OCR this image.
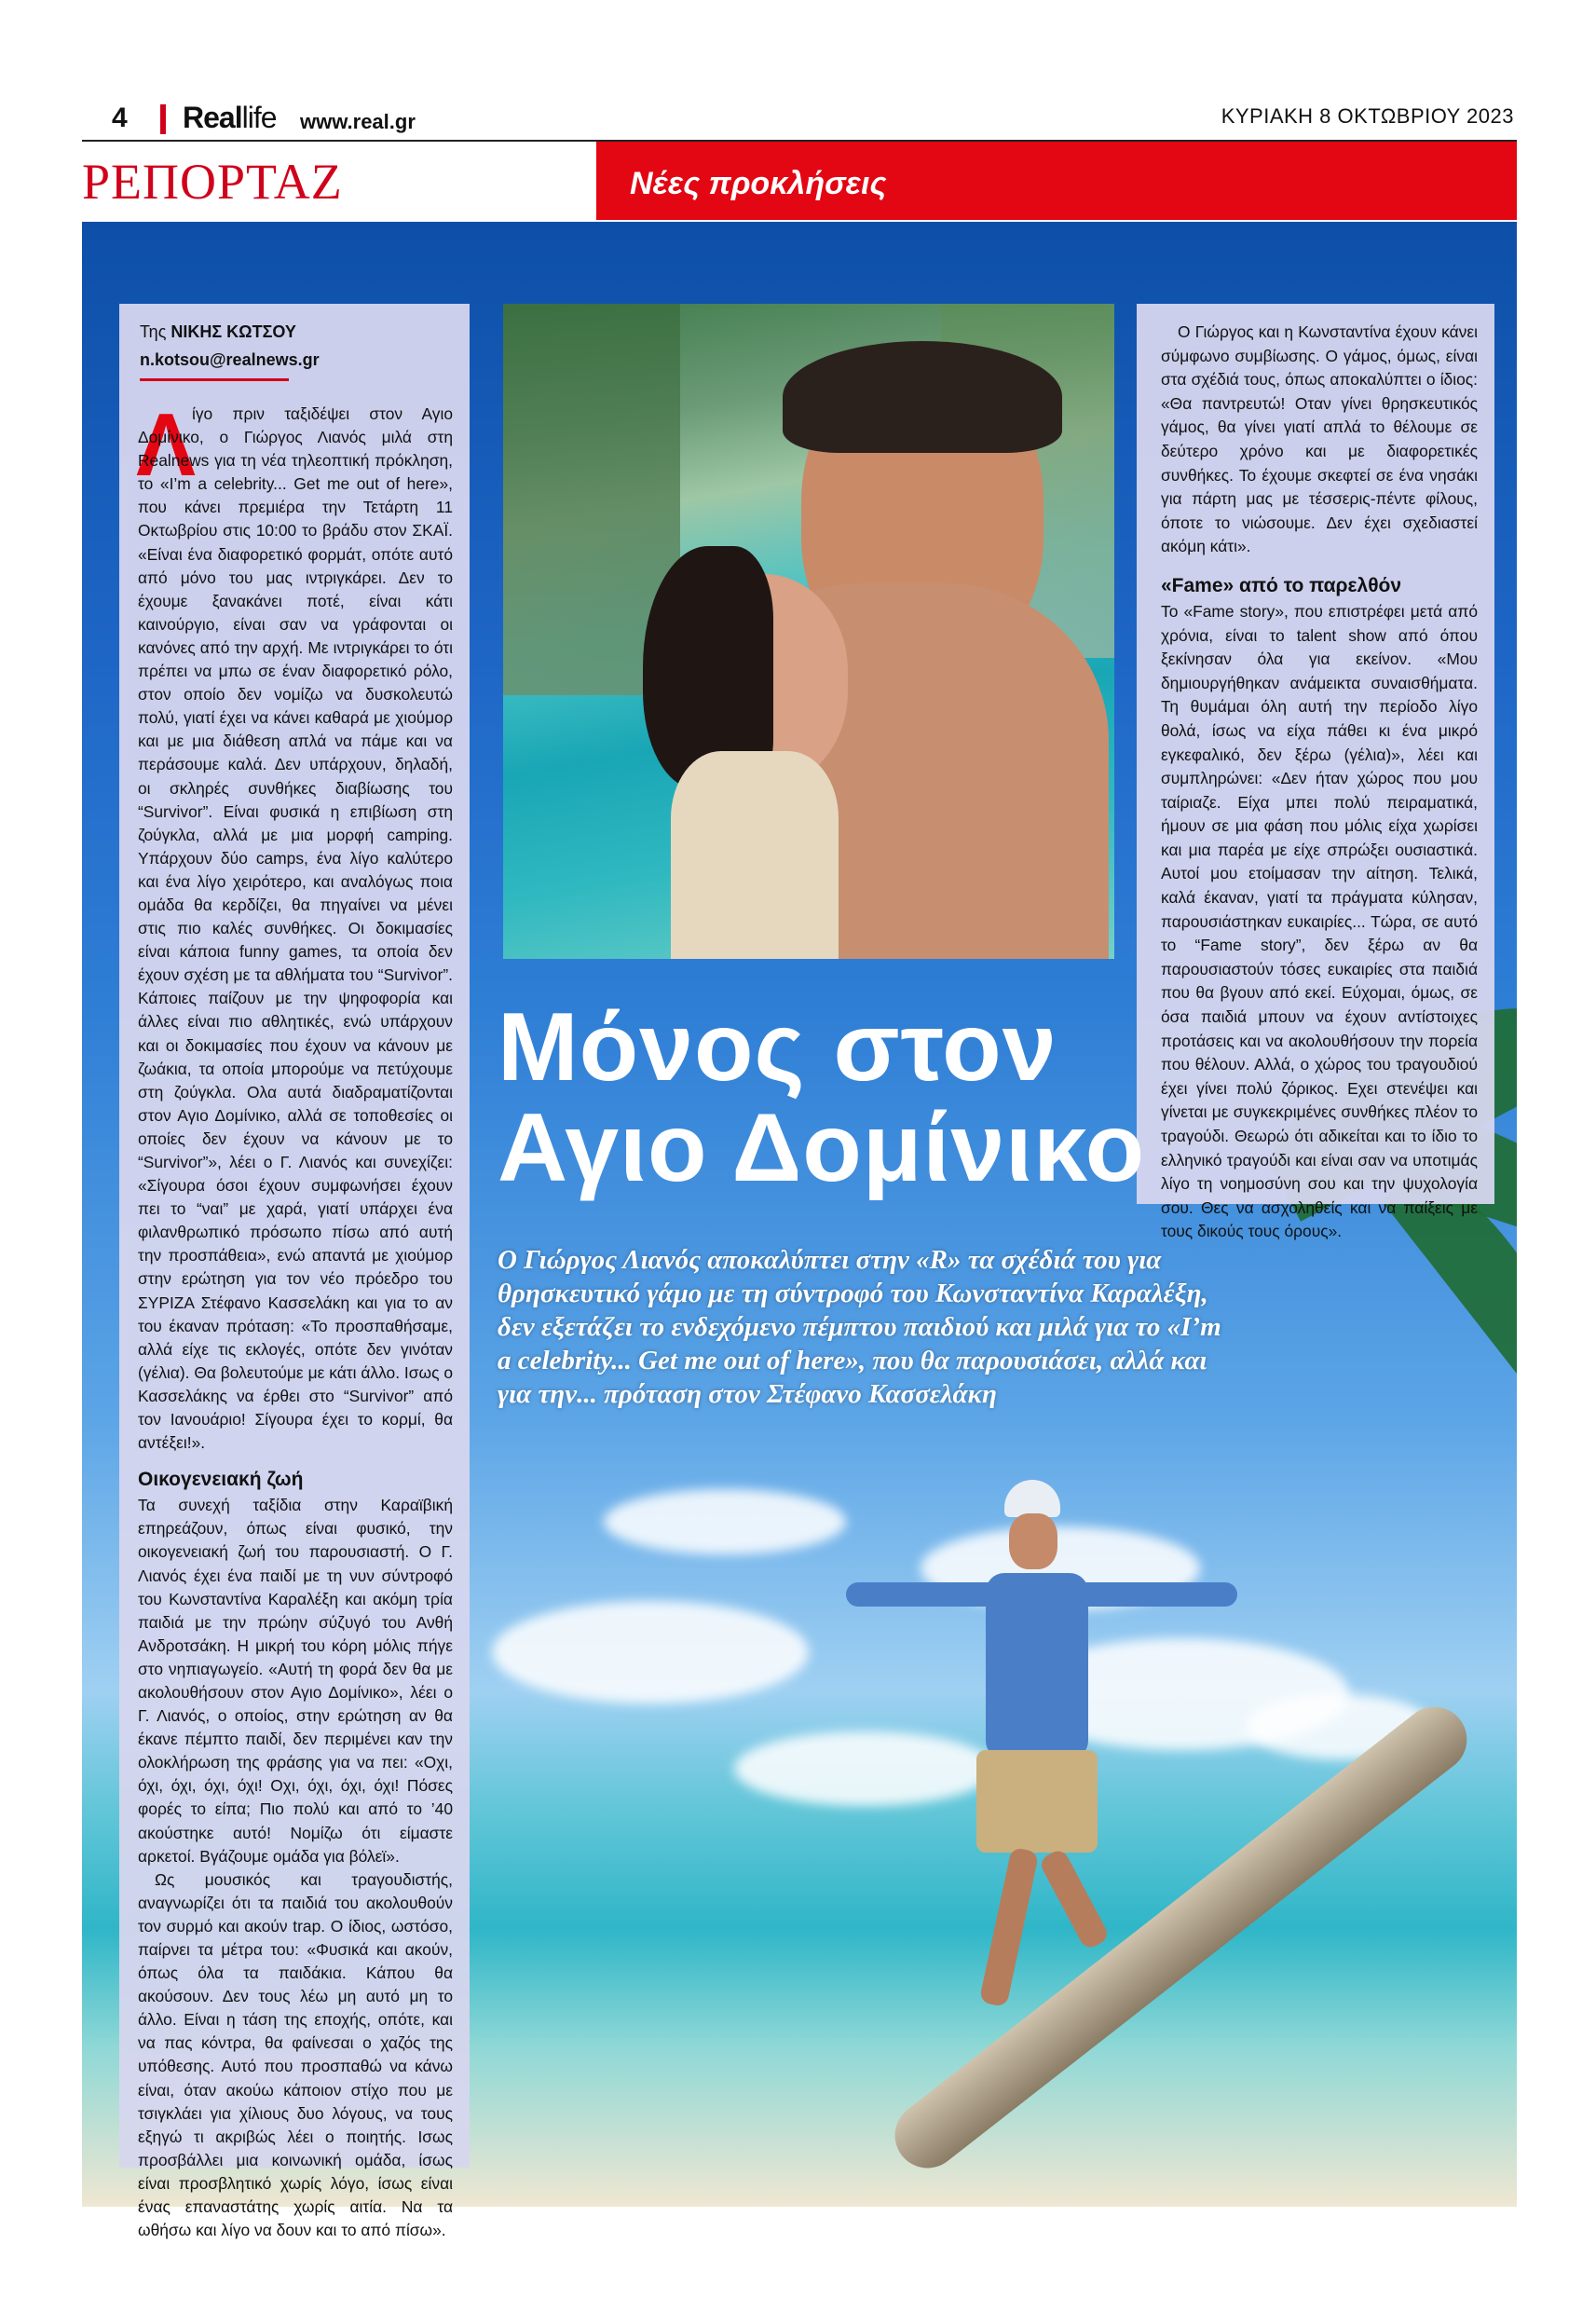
4 Reallife www.real.gr	ΚΥΡΙΑΚΗ 8 ΟΚΤΩΒΡΙΟΥ 2023
ΡΕΠΟΡΤΑΖ	Νέες προκλήσεις
Της ΝΙΚΗΣ ΚΩΤΣΟΥ
n.kotsou@realnews.gr
Λ

ίγο πριν ταξιδέψει στον Αγιο Δομίνικο, ο Γιώργος Λιανός μιλά στη Realnews για τη νέα τηλεοπτική πρόκληση, το «I’m a celebrity... Get me out of here», που κάνει πρεμιέρα την Τετάρτη 11 Οκτωβρίου στις 10:00 το βράδυ στον ΣΚΑΪ. «Είναι ένα διαφορετικό φορμάτ, οπότε αυτό από μόνο του μας ιντριγκάρει. Δεν το έχουμε ξανακάνει ποτέ, είναι κάτι καινούργιο, είναι σαν να γράφονται οι κανόνες από την αρχή. Με ιντριγκάρει το ότι πρέπει να μπω σε έναν διαφορετικό ρόλο, στον οποίο δεν νομίζω να δυσκολευτώ πολύ, γιατί έχει να κάνει καθαρά με χιούμορ και με μια διάθεση απλά να πάμε και να περάσουμε καλά. Δεν υπάρχουν, δηλαδή, οι σκληρές συνθήκες διαβίωσης του “Survivor”. Είναι φυσικά η επιβίωση στη ζούγκλα, αλλά με μια μορφή camping. Υπάρχουν δύο camps, ένα λίγο καλύτερο και ένα λίγο χειρότερο, και αναλόγως ποια ομάδα θα κερδίζει, θα πηγαίνει να μένει στις πιο καλές συνθήκες. Οι δοκιμασίες είναι κάποια funny games, τα οποία δεν έχουν σχέση με τα αθλήματα του “Survivor”. Κάποιες παίζουν με την ψηφοφορία και άλλες είναι πιο αθλητικές, ενώ υπάρχουν και οι δοκιμασίες που έχουν να κάνουν με ζωάκια, τα οποία μπορούμε να πετύχουμε στη ζούγκλα. Ολα αυτά διαδραματίζονται στον Αγιο Δομίνικο, αλλά σε τοποθεσίες οι οποίες δεν έχουν να κάνουν με το “Survivor”», λέει ο Γ. Λιανός και συνεχίζει: «Σίγουρα όσοι έχουν συμφωνήσει έχουν πει το “ναι” με χαρά, γιατί υπάρχει ένα φιλανθρωπικό πρόσωπο πίσω από αυτή την προσπάθεια», ενώ απαντά με χιούμορ στην ερώτηση για τον νέο πρόεδρο του ΣΥΡΙΖΑ Στέφανο Κασσελάκη και για το αν του έκαναν πρόταση: «Το προσπαθήσαμε, αλλά είχε τις εκλογές, οπότε δεν γινόταν (γέλια). Θα βολευτούμε με κάτι άλλο. Ισως ο Κασσελάκης να έρθει στο “Survivor” από τον Ιανουάριο! Σίγουρα έχει το κορμί, θα αντέξει!».

Οικογενειακή ζωή

Τα συνεχή ταξίδια στην Καραϊβική επηρεάζουν, όπως είναι φυσικό, την οικογενειακή ζωή του παρουσιαστή. Ο Γ. Λιανός έχει ένα παιδί με τη νυν σύντροφό του Κωνσταντίνα Καραλέξη και ακόμη τρία παιδιά με την πρώην σύζυγό του Ανθή Ανδροτσάκη. Η μικρή του κόρη μόλις πήγε στο νηπιαγωγείο. «Αυτή τη φορά δεν θα με ακολουθήσουν στον Αγιο Δομίνικο», λέει ο Γ. Λιανός, ο οποίος, στην ερώτηση αν θα έκανε πέμπτο παιδί, δεν περιμένει καν την ολοκλήρωση της φράσης για να πει: «Οχι, όχι, όχι, όχι, όχι! Οχι, όχι, όχι, όχι! Πόσες φορές το είπα; Πιο πολύ και από το ’40 ακούστηκε αυτό! Νομίζω ότι είμαστε αρκετοί. Βγάζουμε ομάδα για βόλεϊ».

Ως μουσικός και τραγουδιστής, αναγνωρίζει ότι τα παιδιά του ακολουθούν τον συρμό και ακούν trap. Ο ίδιος, ωστόσο, παίρνει τα μέτρα του: «Φυσικά και ακούν, όπως όλα τα παιδάκια. Κάπου θα ακούσουν. Δεν τους λέω μη αυτό μη το άλλο. Είναι η τάση της εποχής, οπότε, και να πας κόντρα, θα φαίνεσαι ο χαζός της υπόθεσης. Αυτό που προσπαθώ να κάνω είναι, όταν ακούω κάποιον στίχο που με τσιγκλάει για χίλιους δυο λόγους, να τους εξηγώ τι ακριβώς λέει ο ποιητής. Ισως προσβάλλει μια κοινωνική ομάδα, ίσως είναι προσβλητικό χωρίς λόγο, ίσως είναι ένας επαναστάτης χωρίς αιτία. Να τα ωθήσω και λίγο να δουν και το από πίσω».

Ο Γιώργος και η Κωνσταντίνα έχουν κάνει σύμφωνο συμβίωσης. Ο γάμος, όμως, είναι στα σχέδιά τους, όπως αποκαλύπτει ο ίδιος: «Θα παντρευτώ! Οταν γίνει θρησκευτικός γάμος, θα γίνει γιατί απλά το θέλουμε σε δεύτερο χρόνο και με διαφορετικές συνθήκες. Το έχουμε σκεφτεί σε ένα νησάκι για πάρτη μας με τέσσερις-πέντε φίλους, όποτε το νιώσουμε. Δεν έχει σχεδιαστεί ακόμη κάτι».

«Fame» από το παρελθόν

Το «Fame story», που επιστρέφει μετά από χρόνια, είναι το talent show από όπου ξεκίνησαν όλα για εκείνον. «Μου δημιουργήθηκαν ανάμεικτα συναισθήματα. Τη θυμάμαι όλη αυτή την περίοδο λίγο θολά, ίσως να είχα πάθει κι ένα μικρό εγκεφαλικό, δεν ξέρω (γέλια)», λέει και συμπληρώνει: «Δεν ήταν χώρος που μου ταίριαζε. Είχα μπει πολύ πειραματικά, ήμουν σε μια φάση που μόλις είχα χωρίσει και μια παρέα με είχε σπρώξει ουσιαστικά. Αυτοί μου ετοίμασαν την αίτηση. Τελικά, καλά έκαναν, γιατί τα πράγματα κύλησαν, παρουσιάστηκαν ευκαιρίες... Τώρα, σε αυτό το “Fame story”, δεν ξέρω αν θα παρουσιαστούν τόσες ευκαιρίες στα παιδιά που θα βγουν από εκεί. Εύχομαι, όμως, σε όσα παιδιά μπουν να έχουν αντίστοιχες προτάσεις και να ακολουθήσουν την πορεία που θέλουν. Αλλά, ο χώρος του τραγουδιού έχει γίνει πολύ ζόρικος. Εχει στενέψει και γίνεται με συγκεκριμένες συνθήκες πλέον το τραγούδι. Θεωρώ ότι αδικείται και το ίδιο το ελληνικό τραγούδι και είναι σαν να υποτιμάς λίγο τη νοημοσύνη σου και την ψυχολογία σου. Θες να ασχοληθείς και να παίξεις με τους δικούς τους όρους».

Μόνος στον
Αγιο Δομίνικο
Ο Γιώργος Λιανός αποκαλύπτει στην «R» τα σχέδιά του για θρησκευτικό γάμο με τη σύντροφό του Κωνσταντίνα Καραλέξη, δεν εξετάζει το ενδεχόμενο πέμπτου παιδιού και μιλά για το «I’m a celebrity... Get me out of here», που θα παρουσιάσει, αλλά και για την... πρόταση στον Στέφανο Κασσελάκη
